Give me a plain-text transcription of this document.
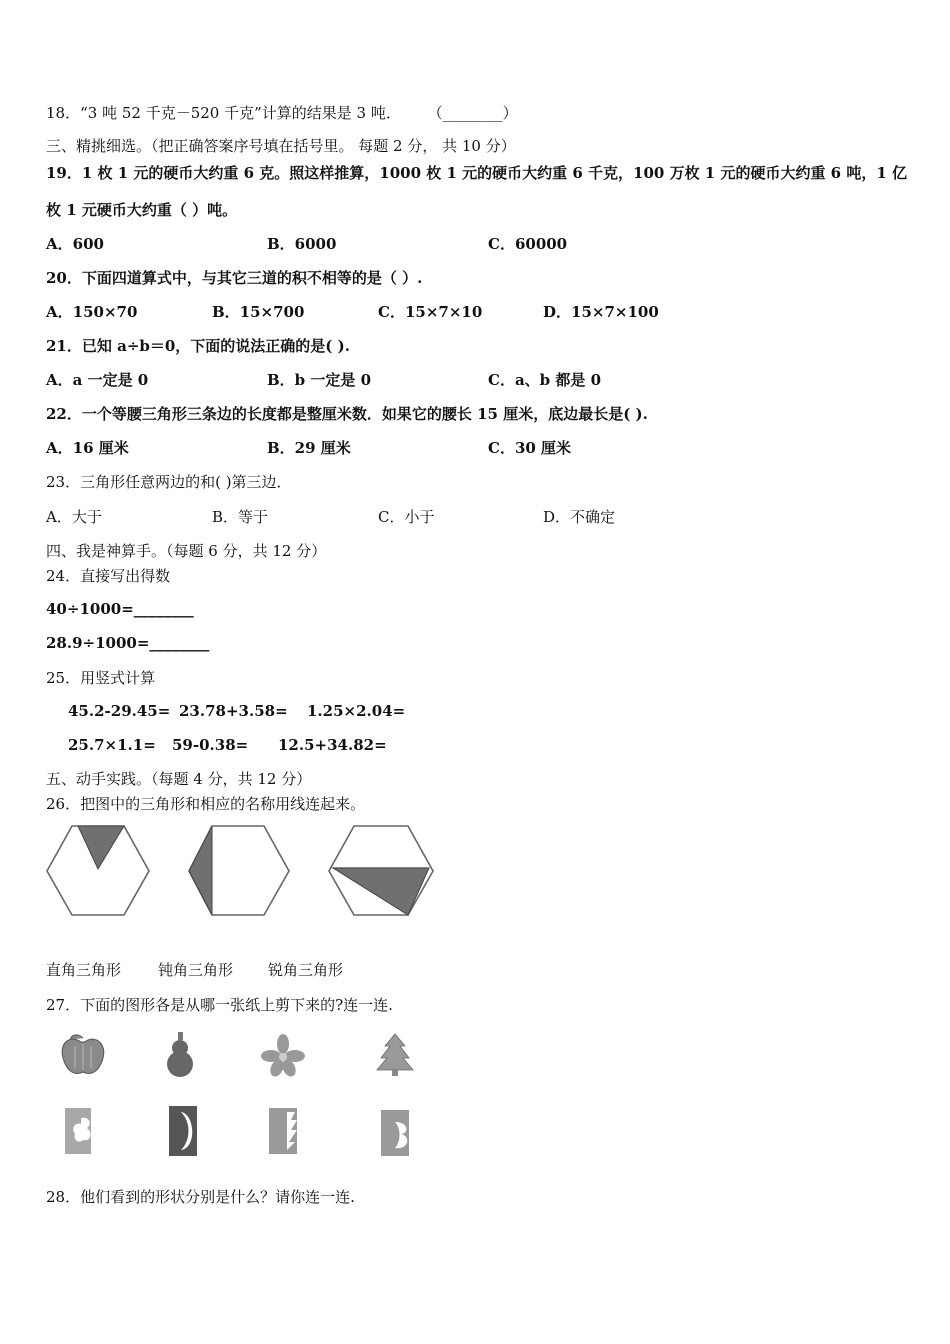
18．“3 吨 52 千克－520 千克”计算的结果是 3 吨． （________）
三、精挑细选。（把正确答案序号填在括号里。 每题 2 分， 共 10 分）
19．1 枚 1 元的硬币大约重 6 克。照这样推算，1000 枚 1 元的硬币大约重 6 千克，100 万枚 1 元的硬币大约重 6 吨，1 亿
枚 1 元硬币大约重（ ）吨。
A．600	B．6000	C．60000
20．下面四道算式中，与其它三道的积不相等的是（ ）.
A．150×70	B．15×700	C．15×7×10	D．15×7×100
21．已知 a÷b＝0，下面的说法正确的是( ).
A．a 一定是 0	B．b 一定是 0	C．a、b 都是 0
22．一个等腰三角形三条边的长度都是整厘米数．如果它的腰长 15 厘米，底边最长是( ).
A．16 厘米	B．29 厘米	C．30 厘米
23．三角形任意两边的和( )第三边．
A．大于	B．等于	C．小于	D．不确定
四、我是神算手。（每题 6 分，共 12 分）
24．直接写出得数
40÷1000=________
28.9÷1000=________
25．用竖式计算
45.2-29.45= 23.78+3.58= 1.25×2.04=
25.7×1.1= 59-0.38= 12.5+34.82=
五、动手实践。（每题 4 分，共 12 分）
26．把图中的三角形和相应的名称用线连起来。
直角三角形 钝角三角形 锐角三角形
27．下面的图形各是从哪一张纸上剪下来的?连一连.
28．他们看到的形状分别是什么？请你连一连.
